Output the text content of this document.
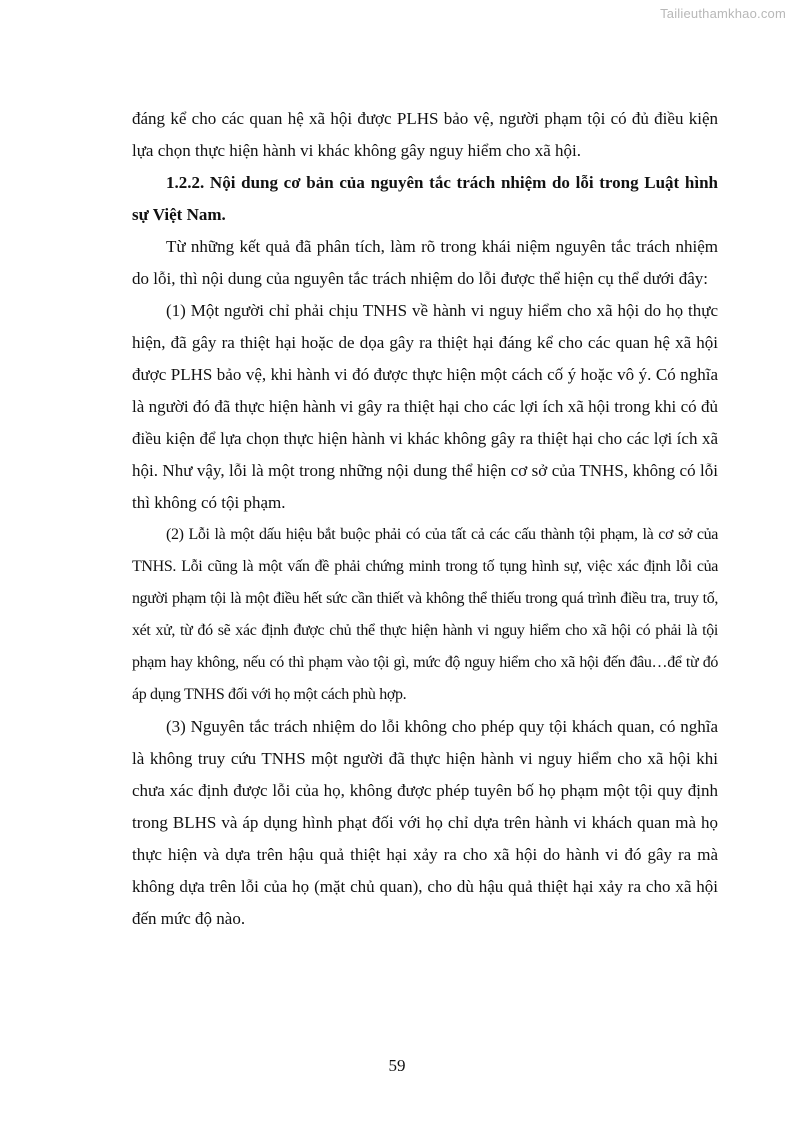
Tailieuthamkhao.com

đáng kể cho các quan hệ xã hội được PLHS bảo vệ, người phạm tội có đủ điều kiện lựa chọn thực hiện hành vi khác không gây nguy hiểm cho xã hội.

1.2.2. Nội dung cơ bản của nguyên tắc trách nhiệm do lỗi trong Luật hình sự Việt Nam.

Từ những kết quả đã phân tích, làm rõ trong khái niệm nguyên tắc trách nhiệm do lỗi, thì nội dung của nguyên tắc trách nhiệm do lỗi được thể hiện cụ thể dưới đây:

(1) Một người chỉ phải chịu TNHS về hành vi nguy hiểm cho xã hội do họ thực hiện, đã gây ra thiệt hại hoặc de dọa gây ra thiệt hại đáng kể cho các quan hệ xã hội được PLHS bảo vệ, khi hành vi đó được thực hiện một cách cố ý hoặc vô ý. Có nghĩa là người đó đã thực hiện hành vi gây ra thiệt hại cho các lợi ích xã hội trong khi có đủ điều kiện để lựa chọn thực hiện hành vi khác không gây ra thiệt hại cho các lợi ích xã hội. Như vậy, lỗi là một trong những nội dung thể hiện cơ sở của TNHS, không có lỗi thì không có tội phạm.

(2) Lỗi là một dấu hiệu bắt buộc phải có của tất cả các cấu thành tội phạm, là cơ sở của TNHS. Lỗi cũng là một vấn đề phải chứng minh trong tố tụng hình sự, việc xác định lỗi của người phạm tội là một điều hết sức cần thiết và không thể thiếu trong quá trình điều tra, truy tố, xét xử, từ đó sẽ xác định được chủ thể thực hiện hành vi nguy hiểm cho xã hội có phải là tội phạm hay không, nếu có thì phạm vào tội gì, mức độ nguy hiểm cho xã hội đến đâu…để từ đó áp dụng TNHS đối với họ một cách phù hợp.

(3) Nguyên tắc trách nhiệm do lỗi không cho phép quy tội khách quan, có nghĩa là không truy cứu TNHS một người đã thực hiện hành vi nguy hiểm cho xã hội khi chưa xác định được lỗi của họ, không được phép tuyên bố họ phạm một tội quy định trong BLHS và áp dụng hình phạt đối với họ chỉ dựa trên hành vi khách quan mà họ thực hiện và dựa trên hậu quả thiệt hại xảy ra cho xã hội do hành vi đó gây ra mà không dựa trên lỗi của họ (mặt chủ quan), cho dù hậu quả thiệt hại xảy ra cho xã hội đến mức độ nào.

59
